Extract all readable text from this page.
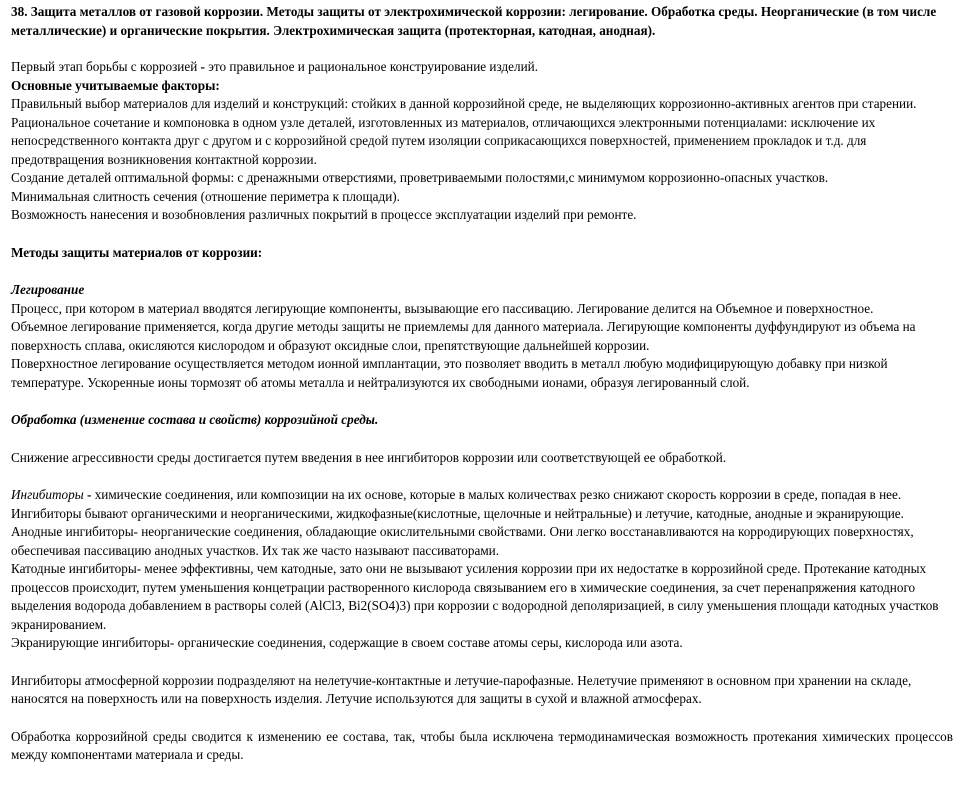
38. Защита металлов от газовой коррозии. Методы защиты от электрохимической коррозии: легирование. Обработка среды. Неорганические (в том числе металлические) и органические покрытия. Электрохимическая защита (протекторная, катодная, анодная).

Первый этап борьбы с коррозией - это правильное и рациональное конструирование изделий.

Основные учитываемые факторы:

Правильный выбор материалов для изделий и конструкций: стойких в данной коррозийной среде, не выделяющих коррозионно-активных агентов при старении.

Рациональное сочетание и компоновка в одном узле деталей, изготовленных из материалов, отличающихся электронными потенциалами: исключение их непосредственного контакта друг с другом и с коррозийной средой путем изоляции соприкасающихся поверхностей, применением прокладок и т.д. для предотвращения возникновения контактной коррозии.

Создание деталей оптимальной формы: с дренажными отверстиями, проветриваемыми полостями,с минимумом коррозионно-опасных участков.

Минимальная слитность сечения (отношение периметра к площади).

Возможность нанесения и возобновления различных покрытий в процессе эксплуатации изделий при ремонте.

Методы защиты материалов от коррозии:

Легирование

Процесс, при котором в материал вводятся легирующие компоненты, вызывающие его пассивацию. Легирование делится на Объемное и поверхностное.

Объемное легирование применяется, когда другие методы защиты не приемлемы для данного материала. Легирующие компоненты дуффундируют из объема на поверхность сплава, окисляются кислородом и образуют оксидные слои, препятствующие дальнейшей коррозии.

Поверхностное легирование осуществляется методом ионной имплантации, это позволяет вводить в металл любую модифицирующую добавку при низкой температуре. Ускоренные ионы тормозят об атомы металла и нейтрализуются их свободными ионами, образуя легированный слой.

Обработка (изменение состава и свойств) коррозийной среды.

Снижение агрессивности среды достигается путем введения в нее ингибиторов коррозии или соответствующей ее обработкой.

Ингибиторы - химические соединения, или композиции на их основе, которые в малых количествах резко снижают скорость коррозии в среде, попадая в нее. Ингибиторы бывают органическими и неорганическими, жидкофазные(кислотные, щелочные и нейтральные) и летучие, катодные, анодные и экранирующие.

Анодные ингибиторы- неорганические соединения, обладающие окислительными свойствами. Они легко восстанавливаются на корродирующих поверхностях, обеспечивая пассивацию анодных участков. Их так же часто называют пассиваторами.

Катодные ингибиторы- менее эффективны, чем катодные, зато они не вызывают усиления коррозии при их недостатке в коррозийной среде. Протекание катодных процессов происходит, путем уменьшения концетрации растворенного кислорода связыванием его в химические соединения, за счет перенапряжения катодного выделения водорода добавлением в растворы солей (AlCl3, Bi2(SO4)3) при коррозии с водородной деполяризацией, в силу уменьшения площади катодных участков экранированием.

Экранирующие ингибиторы- органические соединения, содержащие в своем составе атомы серы, кислорода или азота.

Ингибиторы атмосферной коррозии подразделяют на нелетучие-контактные и летучие-парофазные. Нелетучие применяют в основном при хранении на складе, наносятся на поверхность или на поверхность изделия. Летучие используются для защиты в сухой и влажной атмосферах.

Обработка коррозийной среды сводится к изменению ее состава, так, чтобы была исключена термодинамическая возможность протекания химических процессов между компонентами материала и среды.
